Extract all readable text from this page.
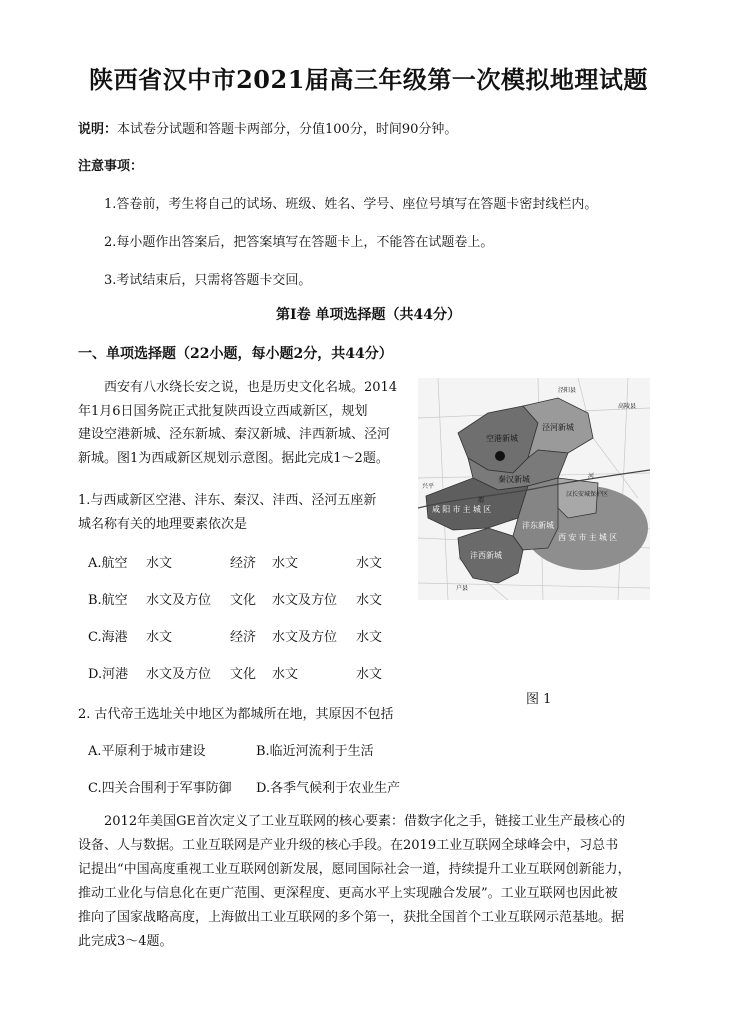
陕西省汉中市2021届高三年级第一次模拟地理试题
说明：本试卷分试题和答题卡两部分，分值100分，时间90分钟。
注意事项：
1.答卷前，考生将自己的试场、班级、姓名、学号、座位号填写在答题卡密封线栏内。
2.每小题作出答案后，把答案填写在答题卡上，不能答在试题卷上。
3.考试结束后，只需将答题卡交回。
第Ⅰ卷 单项选择题（共44分）
一、单项选择题（22小题，每小题2分，共44分）
西安有八水绕长安之说，也是历史文化名城。2014
年1月6日国务院正式批复陕西设立西咸新区，规划
建设空港新城、泾东新城、秦汉新城、沣西新城、泾河
新城。图1为西咸新区规划示意图。据此完成1～2题。
1.与西咸新区空港、沣东、秦汉、沣西、泾河五座新
城名称有关的地理要素依次是
A.航空 水文	经济 水文	水文
B.航空 水文及方位 文化 水文及方位 水文
C.海港 水文	经济 水文及方位 水文
D.河港 水文及方位 文化 水文	水文
空港新城
泾河新城
秦汉新城
咸 阳 市 主 城 区
沣东新城
沣西新城
西 安 市 主 城 区
汉长安城保护区
高陵县
泾阳县
兴平
户县
渭
河
图 1
2. 古代帝王选址关中地区为都城所在地，其原因不包括
A.平原利于城市建设	B.临近河流利于生活
C.四关合围利于军事防御 D.各季气候利于农业生产
2012年美国GE首次定义了工业互联网的核心要素：借数字化之手，链接工业生产最核心的
设备、人与数据。工业互联网是产业升级的核心手段。在2019工业互联网全球峰会中，习总书
记提出“中国高度重视工业互联网创新发展，愿同国际社会一道，持续提升工业互联网创新能力，
推动工业化与信息化在更广范围、更深程度、更高水平上实现融合发展”。工业互联网也因此被
推向了国家战略高度，上海做出工业互联网的多个第一，获批全国首个工业互联网示范基地。据
此完成3～4题。
